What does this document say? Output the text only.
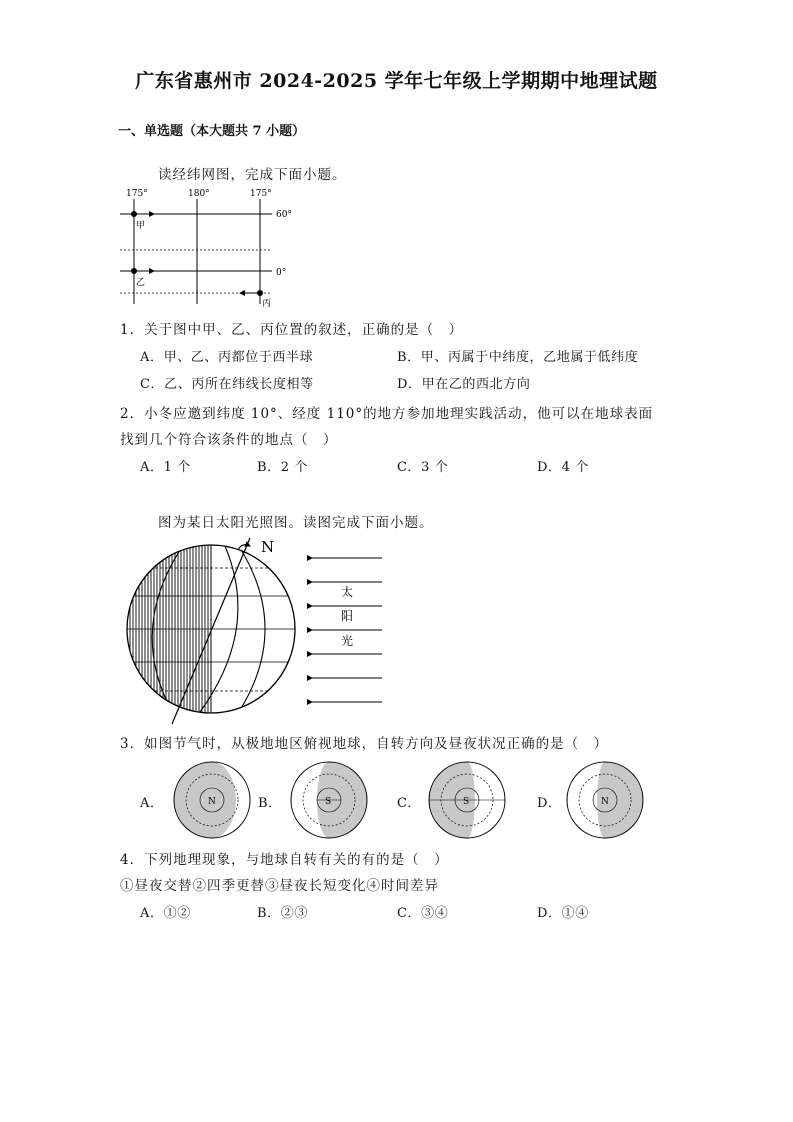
广东省惠州市 2024-2025 学年七年级上学期期中地理试题
一、单选题（本大题共 7 小题）
读经纬网图，完成下面小题。
175°	180°	175°
60°
0°
甲
乙
丙
1．关于图中甲、乙、丙位置的叙述，正确的是（　）
A．甲、乙、丙都位于西半球	B．甲、丙属于中纬度，乙地属于低纬度
C．乙、丙所在纬线长度相等	D．甲在乙的西北方向
2．小冬应邀到纬度 10°、经度 110°的地方参加地理实践活动，他可以在地球表面
找到几个符合该条件的地点（　）
A．1 个	B．2 个	C．3 个	D．4 个
图为某日太阳光照图。读图完成下面小题。
N
太
阳
光
3．如图节气时，从极地地区俯视地球，自转方向及昼夜状况正确的是（　）
A．	N	B．	S	C．	S	D．	N
4．下列地理现象，与地球自转有关的有的是（　）
①昼夜交替②四季更替③昼夜长短变化④时间差异
A．①②	B．②③	C．③④	D．①④
